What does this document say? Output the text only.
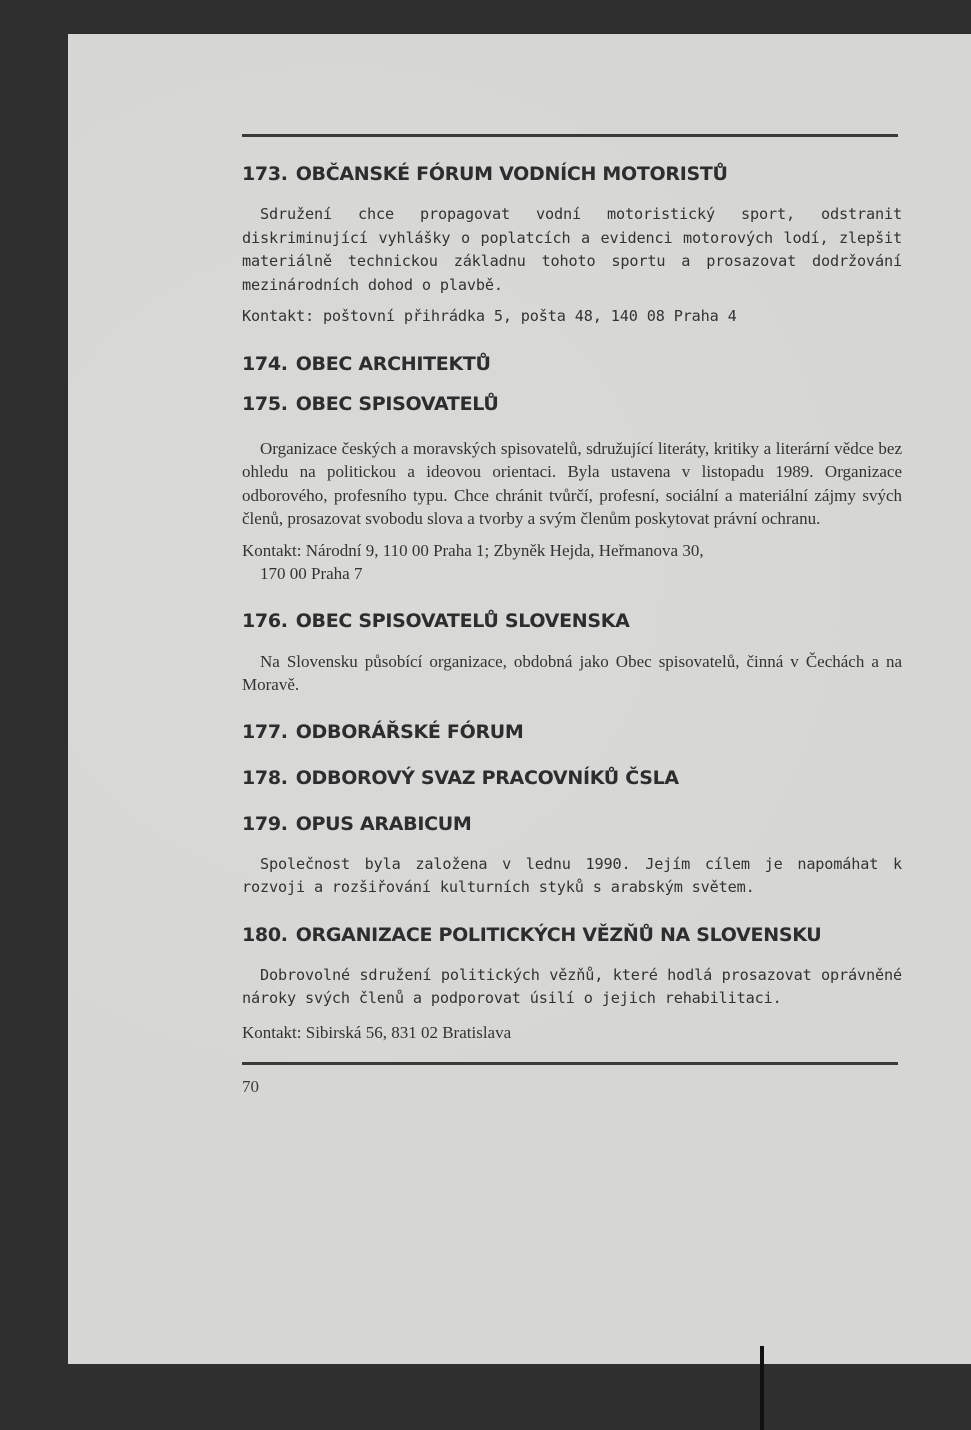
173. OBČANSKÉ FÓRUM VODNÍCH MOTORISTŮ

Sdružení chce propagovat vodní motoristický sport, odstranit diskriminující vyhlášky o poplatcích a evidenci motorových lodí, zlepšit materiálně technickou základnu tohoto sportu a prosazovat dodržování mezinárodních dohod o plavbě.

Kontakt: poštovní přihrádka 5, pošta 48, 140 08 Praha 4

174. OBEC ARCHITEKTŮ
175. OBEC SPISOVATELŮ

Organizace českých a moravských spisovatelů, sdružující literáty, kritiky a literární vědce bez ohledu na politickou a ideovou orientaci. Byla ustavena v listopadu 1989. Organizace odborového, profesního typu. Chce chránit tvůrčí, profesní, sociální a materiální zájmy svých členů, prosazovat svobodu slova a tvorby a svým členům poskytovat právní ochranu.

Kontakt: Národní 9, 110 00 Praha 1; Zbyněk Hejda, Heřmanova 30,
170 00 Praha 7

176. OBEC SPISOVATELŮ SLOVENSKA

Na Slovensku působící organizace, obdobná jako Obec spisovatelů, činná v Čechách a na Moravě.

177. ODBORÁŘSKÉ FÓRUM
178. ODBOROVÝ SVAZ PRACOVNÍKŮ ČSLA
179. OPUS ARABICUM

Společnost byla založena v lednu 1990. Jejím cílem je napomáhat k rozvoji a rozšiřování kulturních styků s arabským světem.

180. ORGANIZACE POLITICKÝCH VĚZŇŮ NA SLOVENSKU

Dobrovolné sdružení politických vězňů, které hodlá prosazovat oprávněné nároky svých členů a podporovat úsilí o jejich rehabilitaci.

Kontakt: Sibirská 56, 831 02 Bratislava

70
